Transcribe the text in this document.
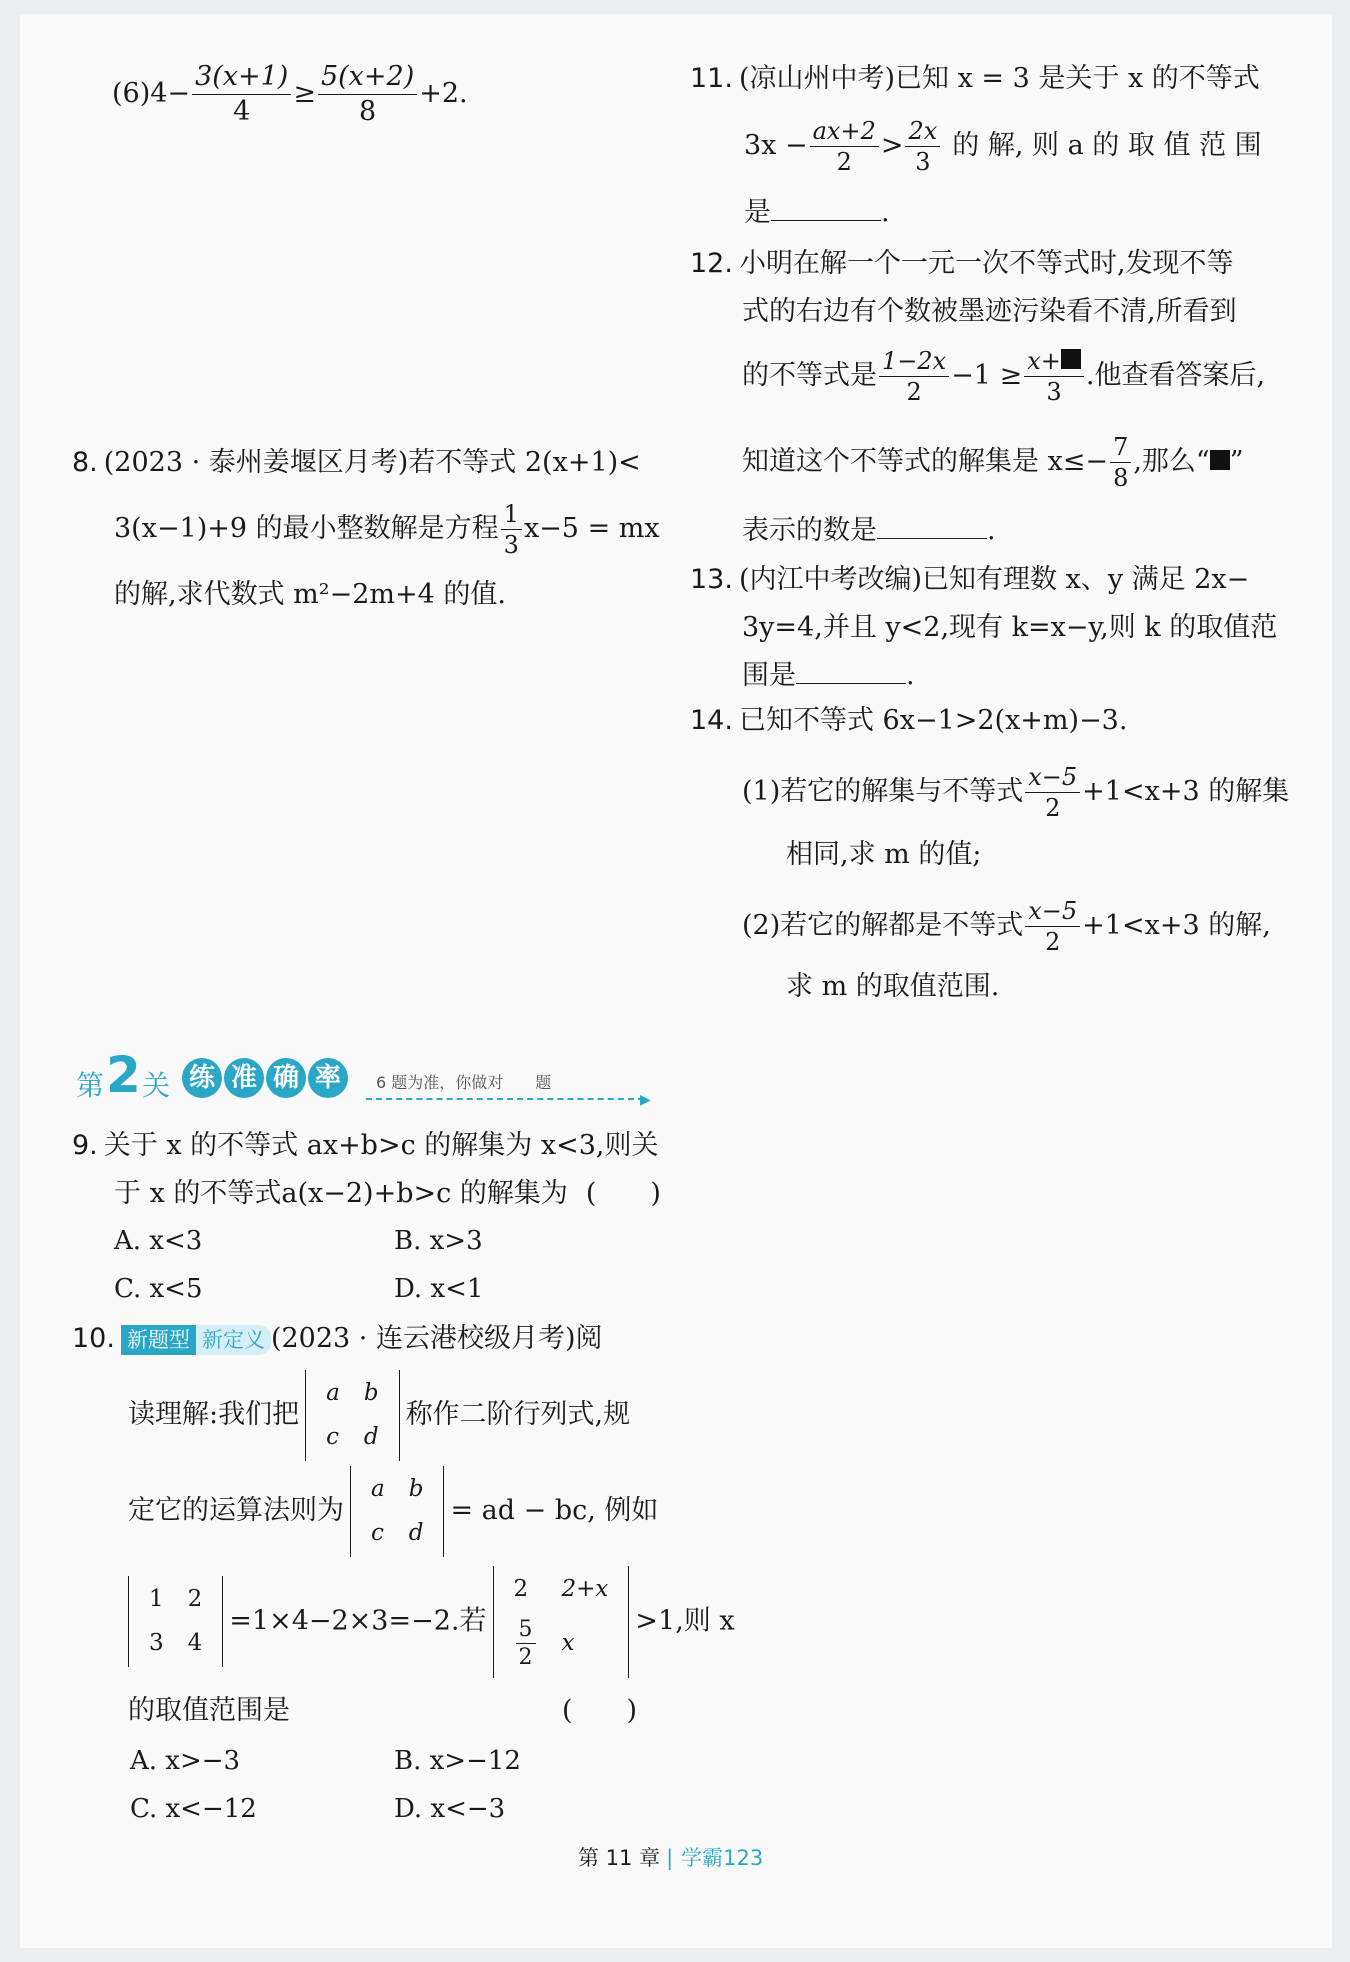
$(6)4- \frac{3(x+1)}{4} \ge \frac{5(x+2)}{8} +2$.
8. (2023 · 泰州姜堰区月考)若不等式 2(x+1)<
3(x−1)+9 的最小整数解是方程 $\frac{1}{3} x-5$ = mx
的解,求代数式 m²−2m+4 的值.
第 2 关 练 准 确 率	6 题为准，你做对　　题
▶
9. 关于 x 的不等式 ax+b>c 的解集为 x<3,则关
于 x 的不等式a(x−2)+b>c 的解集为 (　　)
A. x<3	B. x>3
C. x<5	D. x<1
10. 新题型 新定义 (2023 · 连云港校级月考)阅
读理解:我们把
a	b
c	d
称作二阶行列式,规
定它的运算法则为
a	b
c	d
= ad − bc, 例如
1	2
3	4
=1×4−2×3=−2.若
2	2+x

$\frac{5}{2}$	x
>1,则 x
的取值范围是	(　　)
A. x>−3	B. x>−12
C. x<−12	D. x<−3
11. (凉山州中考)已知 x = 3 是关于 x 的不等式
$3x - \frac{ax+2}{2} > \frac{2x}{3}$ 的 解, 则 a 的 取 值 范 围
是	.
12. 小明在解一个一元一次不等式时,发现不等
式的右边有个数被墨迹污染看不清,所看到
的不等式是 $\frac{1-2x}{2} -1 \ge \frac{x+}{3}$ .他查看答案后,
知道这个不等式的解集是 $x\le- \frac{7}{8}$ ,那么“ ”
表示的数是	.
13. (内江中考改编)已知有理数 x、y 满足 2x−
3y=4,并且 y<2,现有 k=x−y,则 k 的取值范
围是	.
14. 已知不等式 6x−1>2(x+m)−3.
(1)若它的解集与不等式 $\frac{x-5}{2} +1<x+3$ 的解集
相同,求 m 的值;
(2)若它的解都是不等式 $\frac{x-5}{2} +1<x+3$ 的解,
求 m 的取值范围.
第 11 章 | 学霸123
